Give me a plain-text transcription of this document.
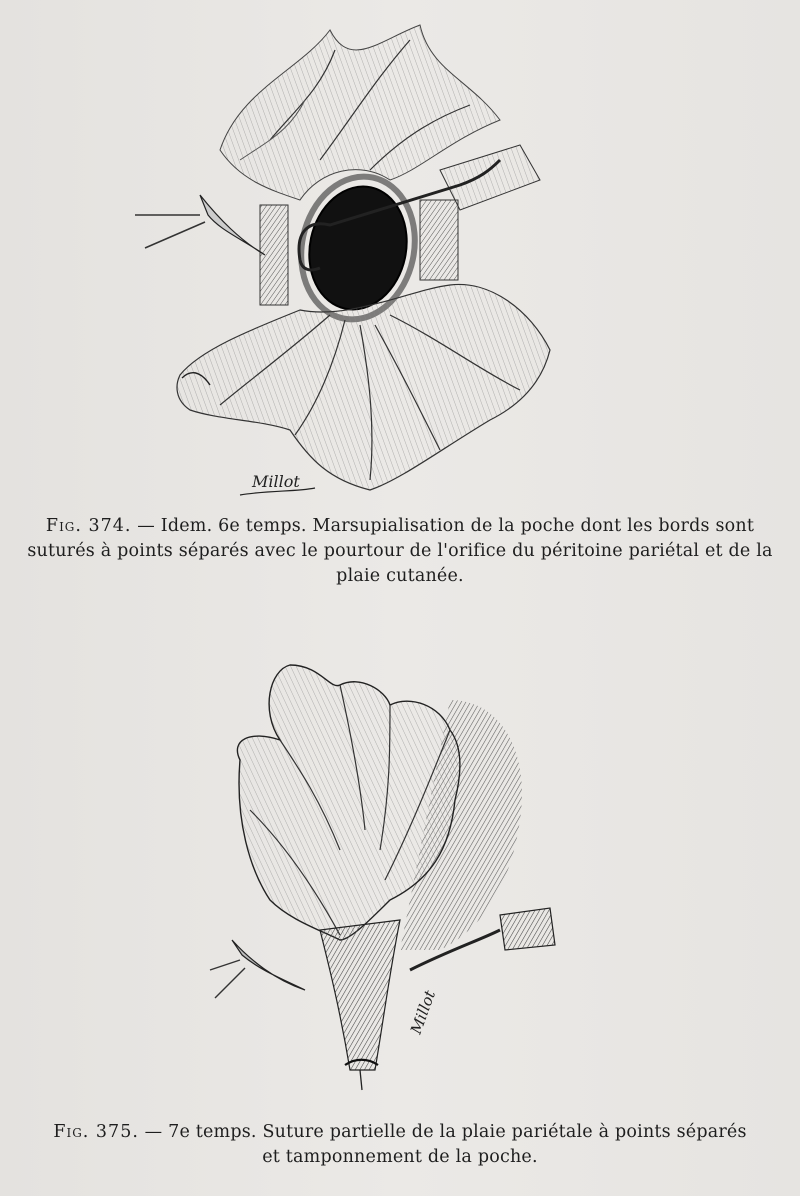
Millot
Fig. 374. — Idem. 6e temps. Marsupialisation de la poche dont les bords sont
suturés à points séparés avec le pourtour de l'orifice du péritoine pariétal et de la
plaie cutanée.
Millot
Fig. 375. — 7e temps. Suture partielle de la plaie pariétale à points séparés
et tamponnement de la poche.
